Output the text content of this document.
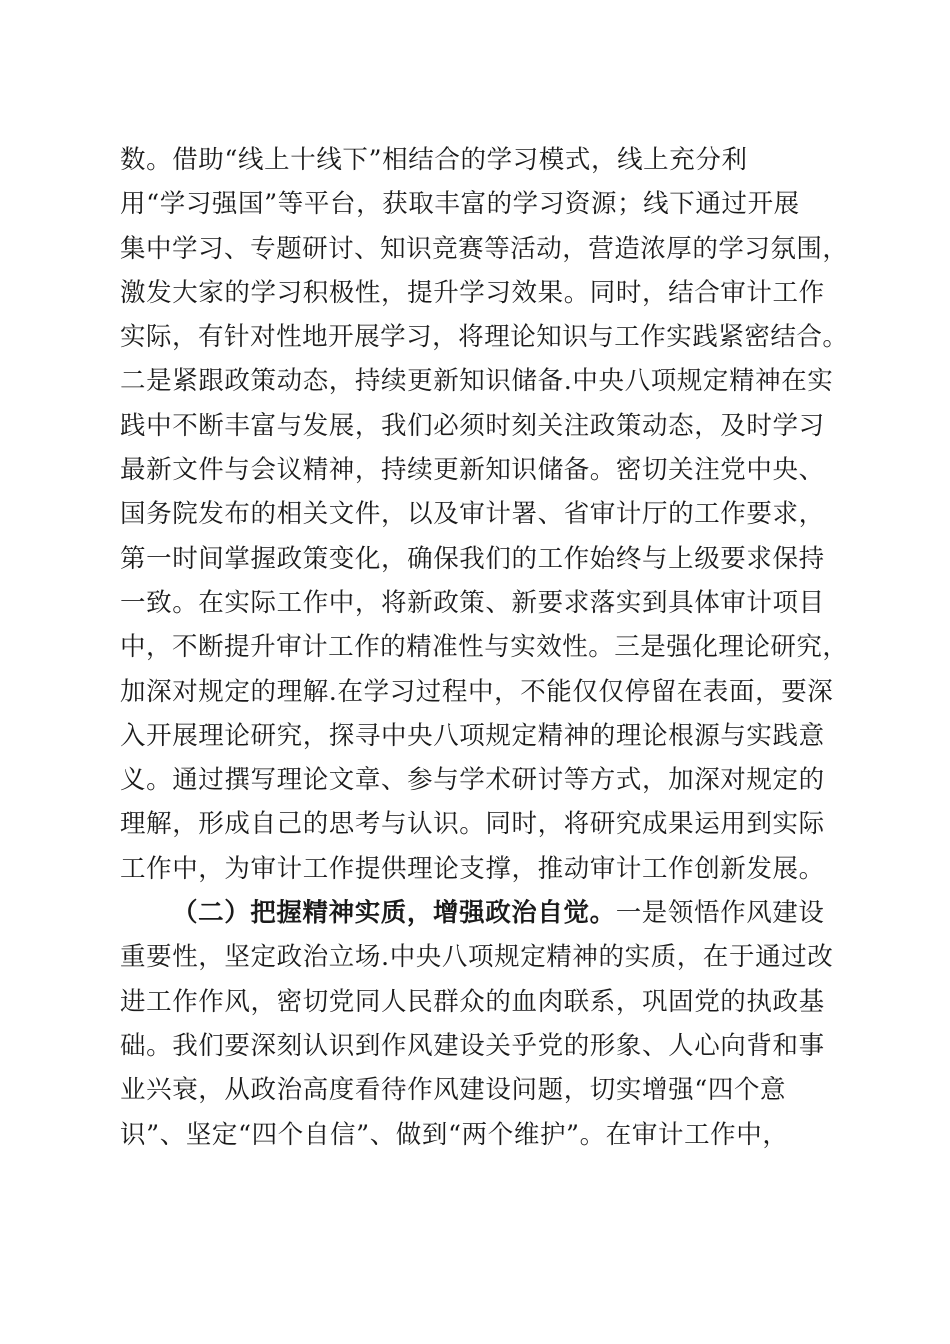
数。借助“线上十线下”相结合的学习模式，线上充分利
用“学习强国”等平台，获取丰富的学习资源；线下通过开展
集中学习、专题研讨、知识竞赛等活动，营造浓厚的学习氛围，
激发大家的学习积极性，提升学习效果。同时，结合审计工作
实际，有针对性地开展学习，将理论知识与工作实践紧密结合。
二是紧跟政策动态，持续更新知识储备.中央八项规定精神在实
践中不断丰富与发展，我们必须时刻关注政策动态，及时学习
最新文件与会议精神，持续更新知识储备。密切关注党中央、
国务院发布的相关文件，以及审计署、省审计厅的工作要求，
第一时间掌握政策变化，确保我们的工作始终与上级要求保持
一致。在实际工作中，将新政策、新要求落实到具体审计项目
中，不断提升审计工作的精准性与实效性。三是强化理论研究，
加深对规定的理解.在学习过程中，不能仅仅停留在表面，要深
入开展理论研究，探寻中央八项规定精神的理论根源与实践意
义。通过撰写理论文章、参与学术研讨等方式，加深对规定的
理解，形成自己的思考与认识。同时，将研究成果运用到实际
工作中，为审计工作提供理论支撑，推动审计工作创新发展。
（二）把握精神实质，增强政治自觉。一是领悟作风建设
重要性，坚定政治立场.中央八项规定精神的实质，在于通过改
进工作作风，密切党同人民群众的血肉联系，巩固党的执政基
础。我们要深刻认识到作风建设关乎党的形象、人心向背和事
业兴衰，从政治高度看待作风建设问题，切实增强“四个意
识”、坚定“四个自信”、做到“两个维护”。在审计工作中，
